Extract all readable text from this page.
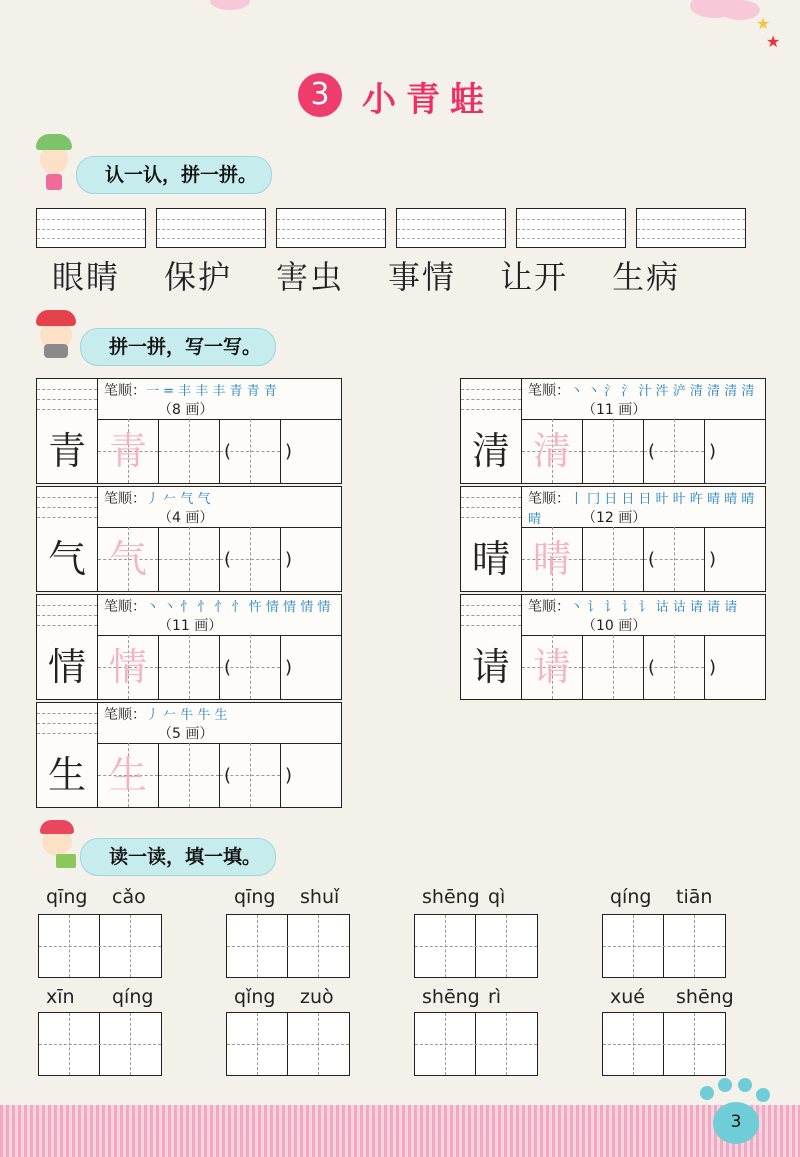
★
★
3 小青蛙
认一认，拼一拼。
眼睛 保护 害虫 事情 让开 生病
拼一拼，写一写。
笔顺：一 = 丰 丰 丰 青 青 青
（8 画）
青 青	(　　　)
笔顺：丶 丶 氵 氵 汁 汼 浐 清 清 清 清
（11 画）
清 清	(　　　)
笔顺：丿 𠂉 气 气
（4 画）
气 气	(　　　)
笔顺：丨 冂 日 日 日 旪 旪 旿 晴 晴 晴 晴	（12 画）
晴 晴	(　　　)
笔顺：丶 丶 忄 忄 忄 忄 忤 情 情 情 情
（11 画）
情 情	(　　　)
笔顺：丶 讠 讠 讠 讠 诂 诂 请 请 请
（10 画）
请 请	(　　　)
笔顺：丿 𠂉 牛 牛 生
（5 画）
生 生	(　　　)
读一读，填一填。
qīng cǎo	qīng shuǐ	shēng qì	qíng tiān
xīn qíng	qǐng zuò	shēng rì	xué shēng
3
